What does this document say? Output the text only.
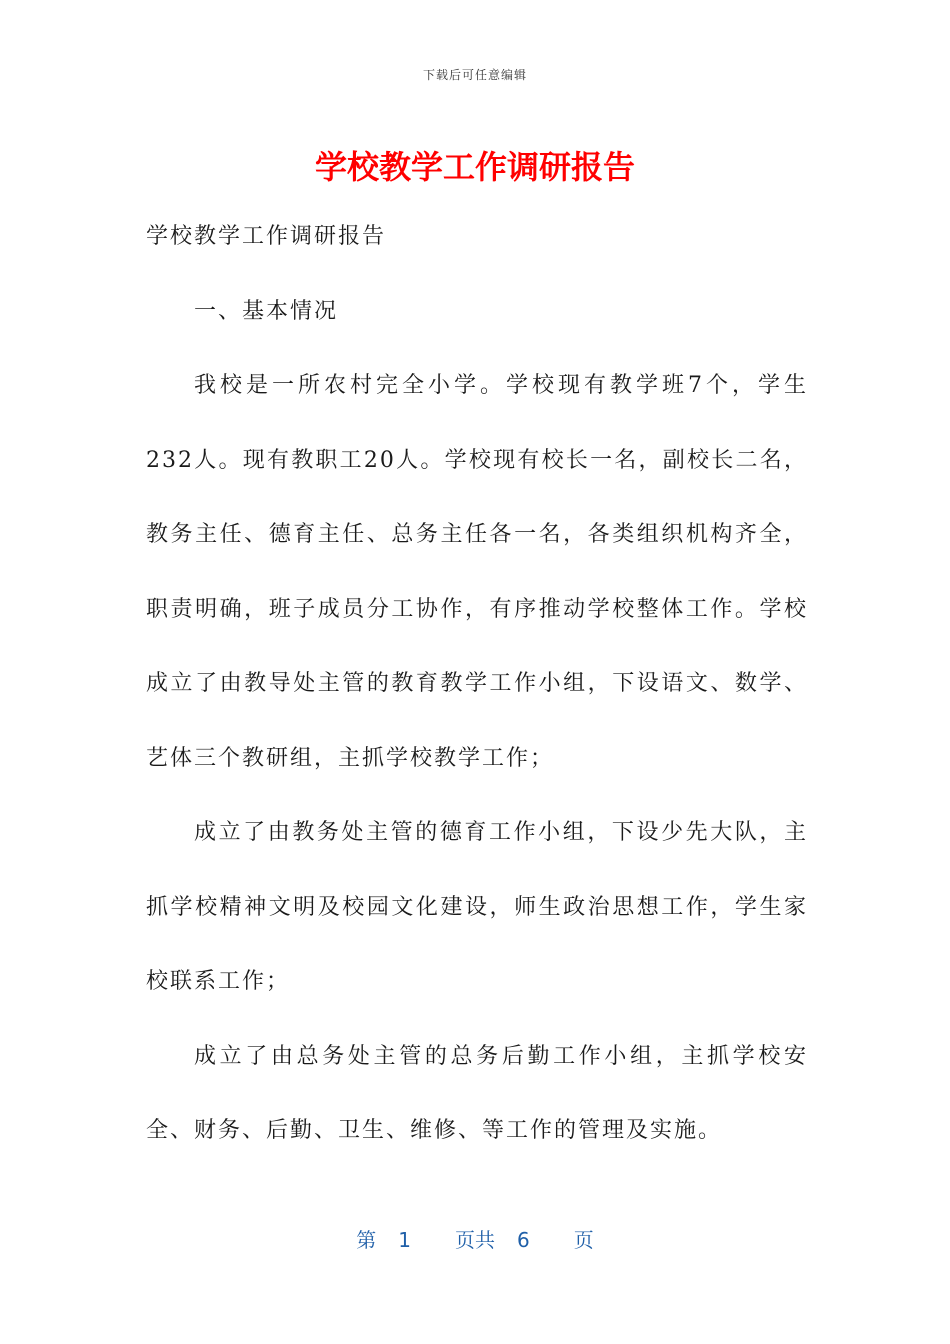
下载后可任意编辑
学校教学工作调研报告

学校教学工作调研报告

一、基本情况

我校是一所农村完全小学。学校现有教学班7个，学生232人。现有教职工20人。学校现有校长一名，副校长二名，教务主任、德育主任、总务主任各一名，各类组织机构齐全，职责明确，班子成员分工协作，有序推动学校整体工作。学校成立了由教导处主管的教育教学工作小组，下设语文、数学、艺体三个教研组，主抓学校教学工作；

成立了由教务处主管的德育工作小组，下设少先大队，主抓学校精神文明及校园文化建设，师生政治思想工作，学生家校联系工作；

成立了由总务处主管的总务后勤工作小组，主抓学校安全、财务、后勤、卫生、维修、等工作的管理及实施。

第 1 页共 6 页
